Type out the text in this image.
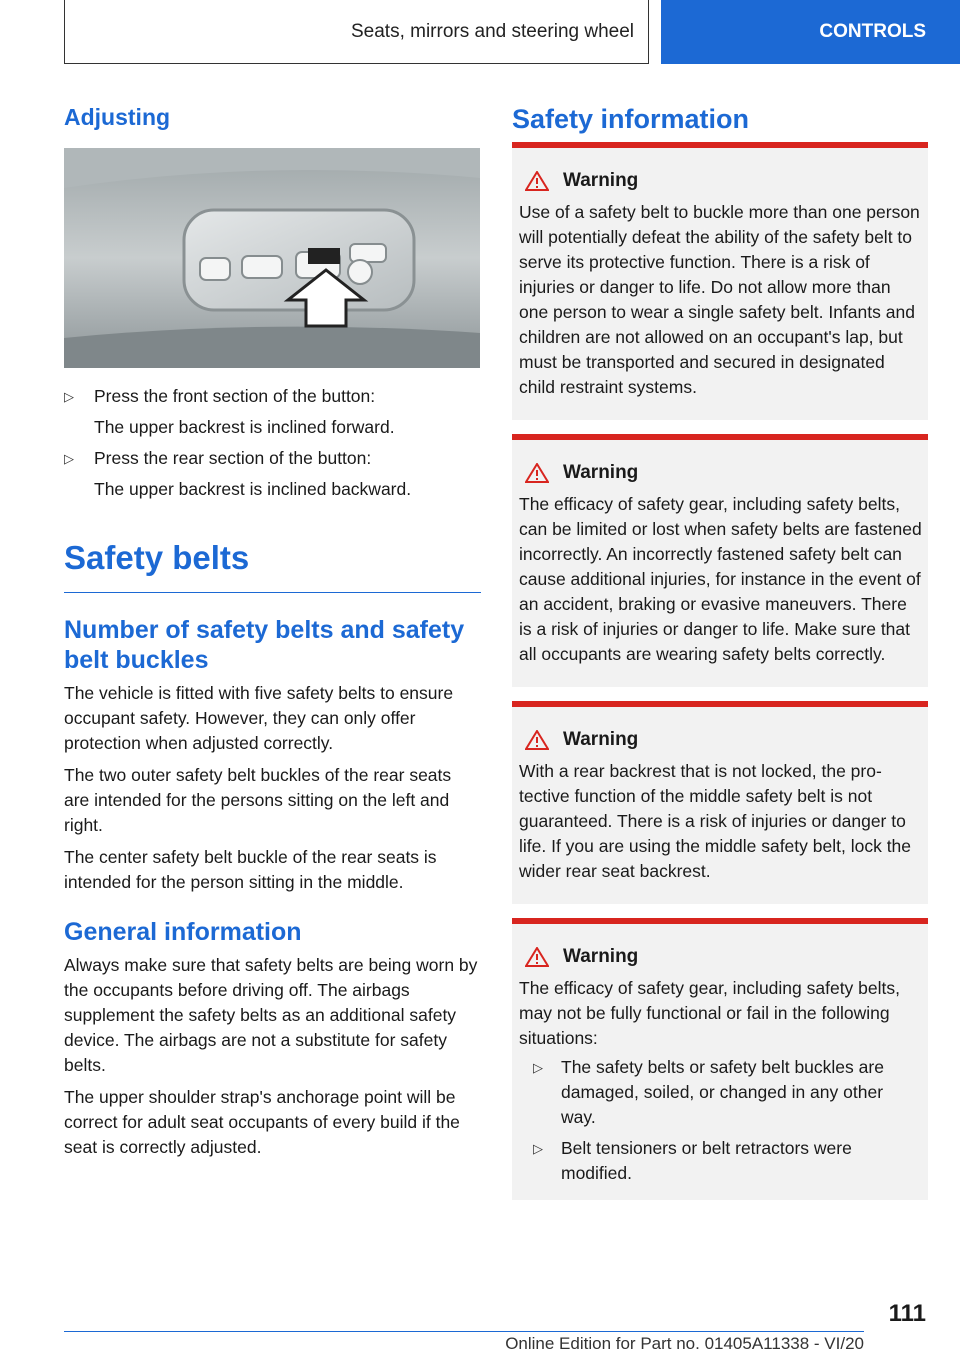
Seats, mirrors and steering wheel	CONTROLS
Adjusting
▷ Press the front section of the button:
The upper backrest is inclined forward.
▷ Press the rear section of the button:
The upper backrest is inclined backward.
Safety belts
Number of safety belts and safety belt buckles

The vehicle is fitted with five safety belts to ensure occupant safety. However, they can only offer protection when adjusted correctly.

The two outer safety belt buckles of the rear seats are intended for the persons sitting on the left and right.

The center safety belt buckle of the rear seats is intended for the person sitting in the middle.

General information

Always make sure that safety belts are being worn by the occupants before driving off. The airbags supplement the safety belts as an additional safety device. The airbags are not a substitute for safety belts.

The upper shoulder strap's anchorage point will be correct for adult seat occupants of every build if the seat is correctly adjusted.

Safety information
Warning
Use of a safety belt to buckle more than one person will potentially defeat the ability of the safety belt to serve its protective function. There is a risk of injuries or danger to life. Do not allow more than one person to wear a single safety belt. Infants and children are not allowed on an occupant's lap, but must be transported and secured in designated child restraint systems.
Warning
The efficacy of safety gear, including safety belts, can be limited or lost when safety belts are fastened incorrectly. An incorrectly fastened safety belt can cause additional injuries, for instance in the event of an accident, braking or evasive maneuvers. There is a risk of injuries or danger to life. Make sure that all occupants are wearing safety belts correctly.
Warning
With a rear backrest that is not locked, the protective function of the middle safety belt is not guaranteed. There is a risk of injuries or danger to life. If you are using the middle safety belt, lock the wider rear seat backrest.
Warning
The efficacy of safety gear, including safety belts, may not be fully functional or fail in the following situations:
▷ The safety belts or safety belt buckles are damaged, soiled, or changed in any other way.
▷ Belt tensioners or belt retractors were modified.
111
Online Edition for Part no. 01405A11338 - VI/20
